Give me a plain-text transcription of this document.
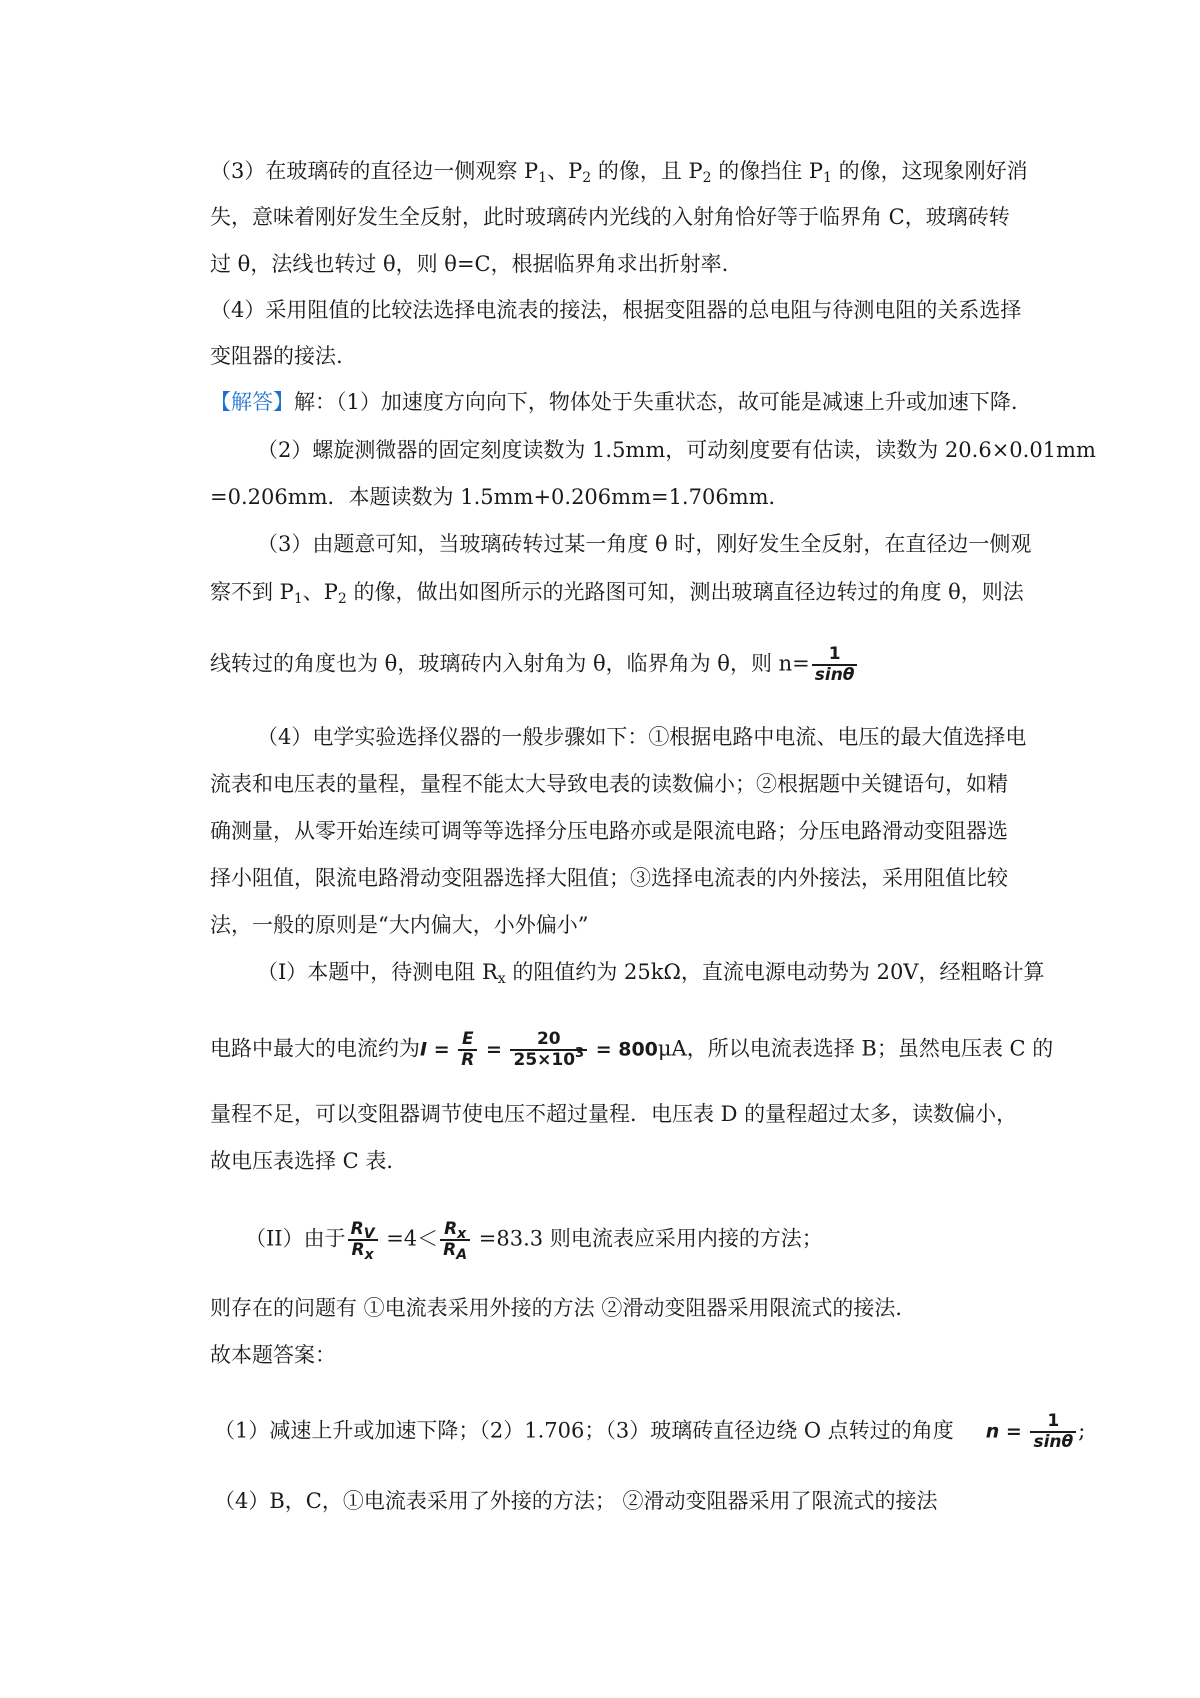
（3）在玻璃砖的直径边一侧观察 $P_1$、$P_2$ 的像，且 $P_2$ 的像挡住 $P_1$ 的像，这现象刚好消
失，意味着刚好发生全反射，此时玻璃砖内光线的入射角恰好等于临界角 C，玻璃砖转
过 θ，法线也转过 θ，则 θ=C，根据临界角求出折射率.
（4）采用阻值的比较法选择电流表的接法，根据变阻器的总电阻与待测电阻的关系选择
变阻器的接法.
【解答】解：（1）加速度方向向下，物体处于失重状态，故可能是减速上升或加速下降.
（2）螺旋测微器的固定刻度读数为 1.5mm，可动刻度要有估读，读数为 20.6×0.01mm
=0.206mm．本题读数为 1.5mm+0.206mm=1.706mm．
（3）由题意可知，当玻璃砖转过某一角度 θ 时，刚好发生全反射，在直径边一侧观
察不到 $P_1$、$P_2$ 的像，做出如图所示的光路图可知，测出玻璃直径边转过的角度 θ，则法
线转过的角度也为 θ，玻璃砖内入射角为 θ，临界角为 θ，则 $n= \frac{1}{\sin\theta}$
（4）电学实验选择仪器的一般步骤如下：①根据电路中电流、电压的最大值选择电
流表和电压表的量程，量程不能太大导致电表的读数偏小；②根据题中关键语句，如精
确测量，从零开始连续可调等等选择分压电路亦或是限流电路；分压电路滑动变阻器选
择小阻值，限流电路滑动变阻器选择大阻值；③选择电流表的内外接法，采用阻值比较
法，一般的原则是“大内偏大，小外偏小”
（I）本题中，待测电阻 $R_x$ 的阻值约为 25kΩ，直流电源电动势为 20V，经粗略计算
电路中最大的电流约为$I = \frac{E}{R} = \frac{20}{25\times 10^3} = 800\mu A$，所以电流表选择 B；虽然电压表 C 的
量程不足，可以变阻器调节使电压不超过量程．电压表 D 的量程超过太多，读数偏小，
故电压表选择 C 表．
（II）由于 $\frac{R_V}{R_x} =4< \frac{R_x}{R_A} =83.3$ 则电流表应采用内接的方法；
则存在的问题有 ①电流表采用外接的方法 ②滑动变阻器采用限流式的接法．
故本题答案：
（1）减速上升或加速下降；（2）1.706；（3）玻璃砖直径边绕 O 点转过的角度 $n = \frac{1}{\sin\theta}$ ;
（4）B，C，①电流表采用了外接的方法； ②滑动变阻器采用了限流式的接法
